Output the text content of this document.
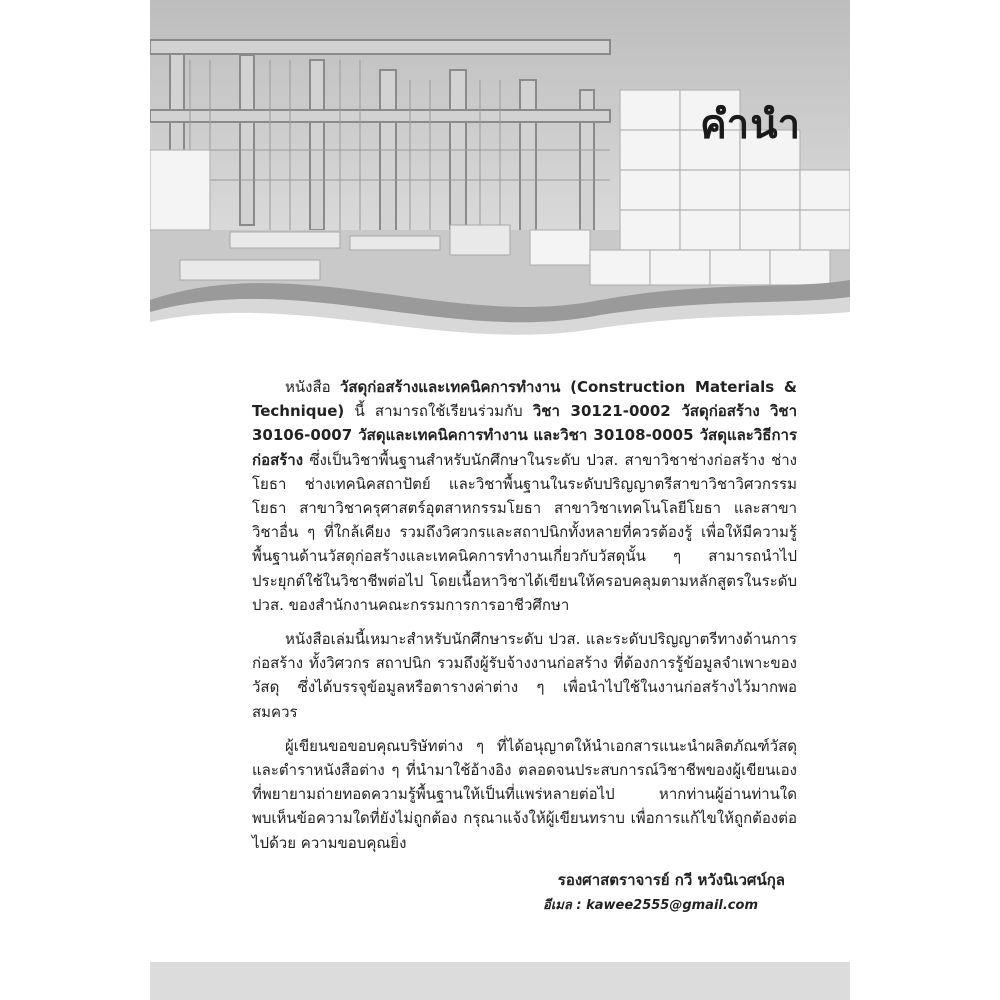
คำนำ

หนังสือ วัสดุก่อสร้างและเทคนิคการทำงาน (Construction Materials & Technique) นี้ สามารถใช้เรียนร่วมกับ วิชา 30121-0002 วัสดุก่อสร้าง วิชา 30106-0007 วัสดุและเทคนิคการทำงาน และวิชา 30108-0005 วัสดุและวิธีการก่อสร้าง ซึ่งเป็นวิชาพื้นฐานสำหรับนักศึกษาในระดับ ปวส. สาขาวิชาช่างก่อสร้าง ช่างโยธา ช่างเทคนิคสถาปัตย์ และวิชาพื้นฐานในระดับปริญญาตรีสาขาวิชาวิศวกรรมโยธา สาขาวิชาครุศาสตร์อุตสาหกรรมโยธา สาขาวิชาเทคโนโลยีโยธา และสาขาวิชาอื่น ๆ ที่ใกล้เคียง รวมถึงวิศวกรและสถาปนิกทั้งหลายที่ควรต้องรู้ เพื่อให้มีความรู้พื้นฐานด้านวัสดุก่อสร้างและเทคนิคการทำงานเกี่ยวกับวัสดุนั้น ๆ สามารถนำไปประยุกต์ใช้ในวิชาชีพต่อไป โดยเนื้อหาวิชาได้เขียนให้ครอบคลุมตามหลักสูตรในระดับ ปวส. ของสำนักงานคณะกรรมการการอาชีวศึกษา

หนังสือเล่มนี้เหมาะสำหรับนักศึกษาระดับ ปวส. และระดับปริญญาตรีทางด้านการก่อสร้าง ทั้งวิศวกร สถาปนิก รวมถึงผู้รับจ้างงานก่อสร้าง ที่ต้องการรู้ข้อมูลจำเพาะของวัสดุ ซึ่งได้บรรจุข้อมูลหรือตารางค่าต่าง ๆ เพื่อนำไปใช้ในงานก่อสร้างไว้มากพอสมควร

ผู้เขียนขอขอบคุณบริษัทต่าง ๆ ที่ได้อนุญาตให้นำเอกสารแนะนำผลิตภัณฑ์วัสดุและตำราหนังสือต่าง ๆ ที่นำมาใช้อ้างอิง ตลอดจนประสบการณ์วิชาชีพของผู้เขียนเองที่พยายามถ่ายทอดความรู้พื้นฐานให้เป็นที่แพร่หลายต่อไป หากท่านผู้อ่านท่านใดพบเห็นข้อความใดที่ยังไม่ถูกต้อง กรุณาแจ้งให้ผู้เขียนทราบ เพื่อการแก้ไขให้ถูกต้องต่อไปด้วย ความขอบคุณยิ่ง

รองศาสตราจารย์ กวี หวังนิเวศน์กุล
อีเมล : kawee2555@gmail.com
